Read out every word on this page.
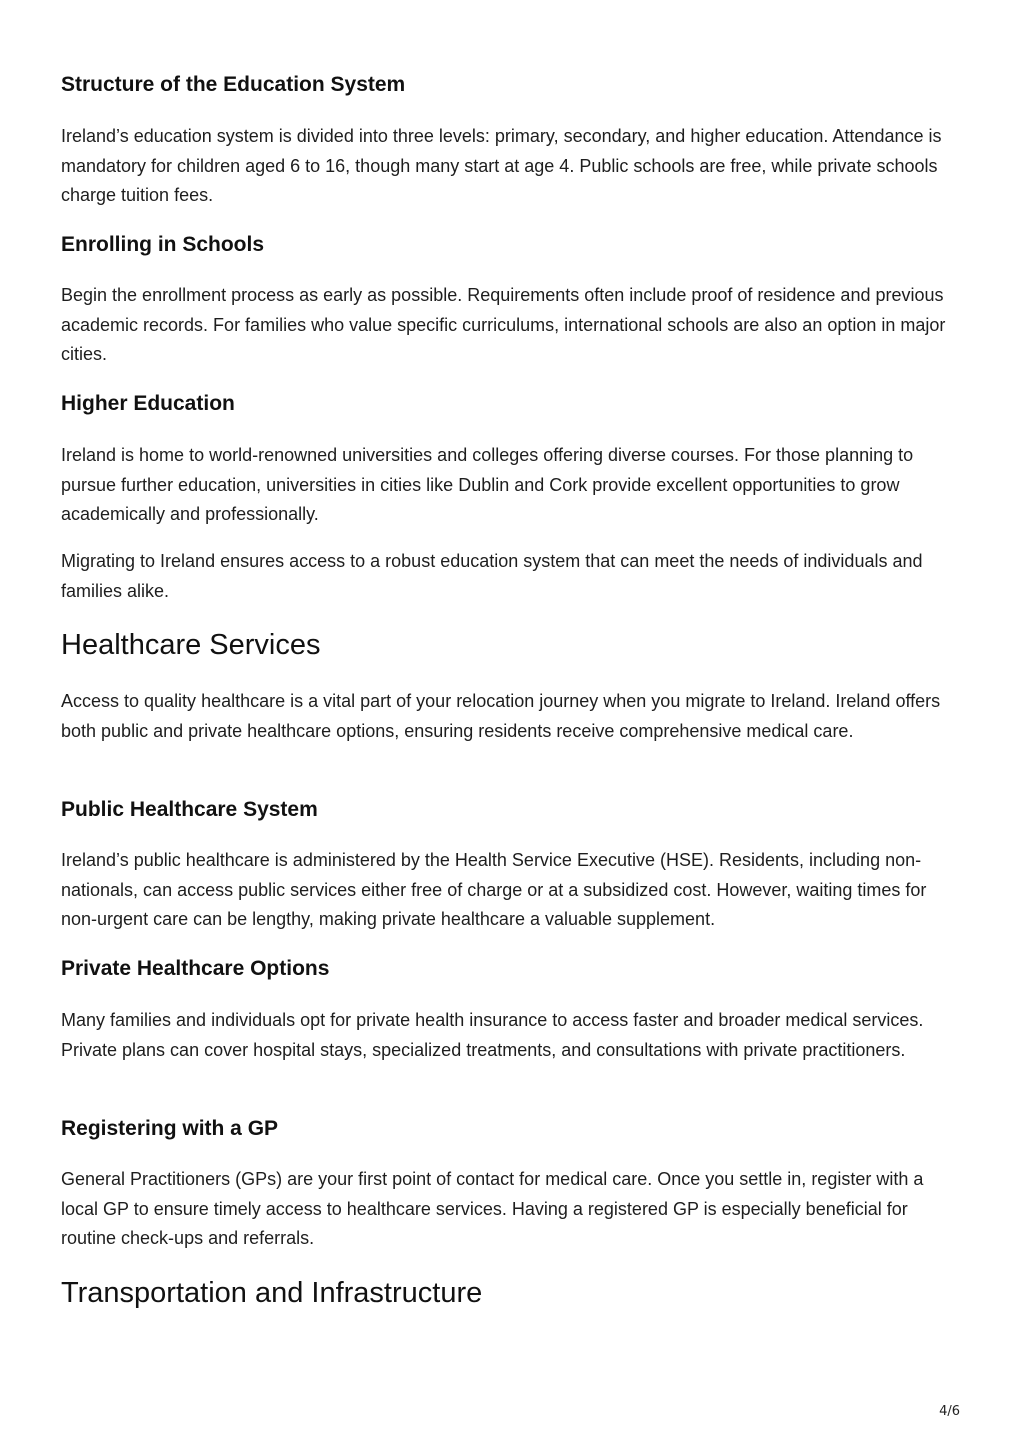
Structure of the Education System

Ireland’s education system is divided into three levels: primary, secondary, and higher education. Attendance is mandatory for children aged 6 to 16, though many start at age 4. Public schools are free, while private schools charge tuition fees.

Enrolling in Schools

Begin the enrollment process as early as possible. Requirements often include proof of residence and previous academic records. For families who value specific curriculums, international schools are also an option in major cities.

Higher Education

Ireland is home to world-renowned universities and colleges offering diverse courses. For those planning to pursue further education, universities in cities like Dublin and Cork provide excellent opportunities to grow academically and professionally.

Migrating to Ireland ensures access to a robust education system that can meet the needs of individuals and families alike.

Healthcare Services

Access to quality healthcare is a vital part of your relocation journey when you migrate to Ireland. Ireland offers both public and private healthcare options, ensuring residents receive comprehensive medical care.

Public Healthcare System

Ireland’s public healthcare is administered by the Health Service Executive (HSE). Residents, including non-nationals, can access public services either free of charge or at a subsidized cost. However, waiting times for non-urgent care can be lengthy, making private healthcare a valuable supplement.

Private Healthcare Options

Many families and individuals opt for private health insurance to access faster and broader medical services. Private plans can cover hospital stays, specialized treatments, and consultations with private practitioners.

Registering with a GP

General Practitioners (GPs) are your first point of contact for medical care. Once you settle in, register with a local GP to ensure timely access to healthcare services. Having a registered GP is especially beneficial for routine check-ups and referrals.

Transportation and Infrastructure
4/6
